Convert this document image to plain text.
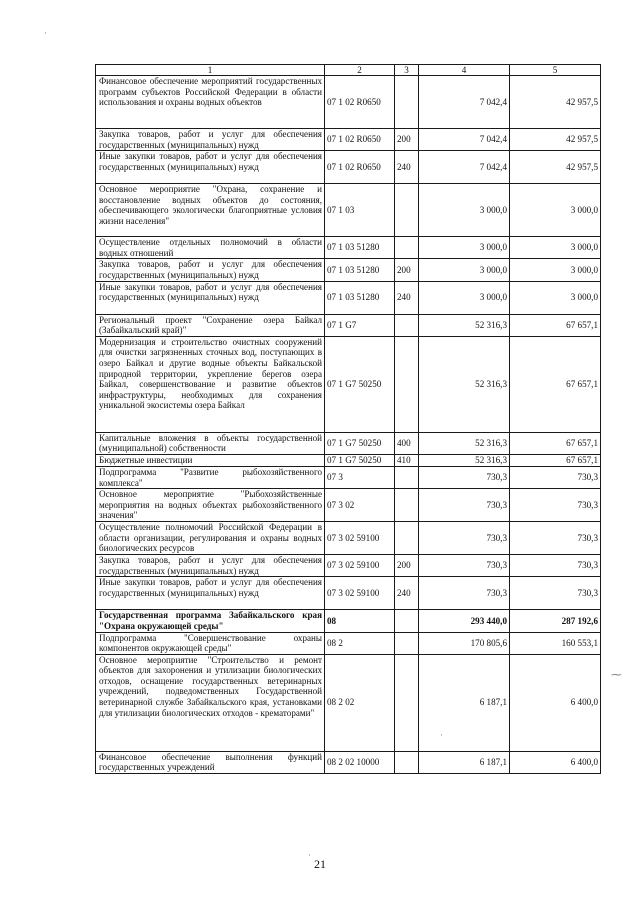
1	2	3	4	5
Финансовое обеспечение мероприятий государственных программ субъектов Российской Федерации в области использования и охраны водных объектов	07 1 02 R0650		7 042,4	42 957,5
Закупка товаров, работ и услуг для обеспечения государственных (муниципальных) нужд	07 1 02 R0650	200	7 042,4	42 957,5
Иные закупки товаров, работ и услуг для обеспечения государственных (муниципальных) нужд	07 1 02 R0650	240	7 042,4	42 957,5
Основное мероприятие "Охрана, сохранение и восстановление водных объектов до состояния, обеспечивающего экологически благоприятные условия жизни населения"	07 1 03		3 000,0	3 000,0
Осуществление отдельных полномочий в области водных отношений	07 1 03 51280		3 000,0	3 000,0
Закупка товаров, работ и услуг для обеспечения государственных (муниципальных) нужд	07 1 03 51280	200	3 000,0	3 000,0
Иные закупки товаров, работ и услуг для обеспечения государственных (муниципальных) нужд	07 1 03 51280	240	3 000,0	3 000,0
Региональный проект "Сохранение озера Байкал (Забайкальский край)"	07 1 G7		52 316,3	67 657,1
Модернизация и строительство очистных сооружений для очистки загрязненных сточных вод, поступающих в озеро Байкал и другие водные объекты Байкальской природной территории, укрепление берегов озера Байкал, совершенствование и развитие объектов инфраструктуры, необходимых для сохранения уникальной экосистемы озера Байкал	07 1 G7 50250		52 316,3	67 657,1
Капитальные вложения в объекты государственной (муниципальной) собственности	07 1 G7 50250	400	52 316,3	67 657,1
Бюджетные инвестиции	07 1 G7 50250	410	52 316,3	67 657,1
Подпрограмма "Развитие рыбохозяйственного комплекса"	07 3		730,3	730,3
Основное мероприятие "Рыбохозяйственные мероприятия на водных объектах рыбохозяйственного значения"	07 3 02		730,3	730,3
Осуществление полномочий Российской Федерации в области организации, регулирования и охраны водных биологических ресурсов	07 3 02 59100		730,3	730,3
Закупка товаров, работ и услуг для обеспечения государственных (муниципальных) нужд	07 3 02 59100	200	730,3	730,3
Иные закупки товаров, работ и услуг для обеспечения государственных (муниципальных) нужд	07 3 02 59100	240	730,3	730,3
Государственная программа Забайкальского края "Охрана окружающей среды"	08		293 440,0	287 192,6
Подпрограмма "Совершенствование охраны компонентов окружающей среды"	08 2		170 805,6	160 553,1
Основное мероприятие "Строительство и ремонт объектов для захоронения и утилизации биологических отходов, оснащение государственных ветеринарных учреждений, подведомственных Государственной ветеринарной службе Забайкальского края, установками для утилизации биологических отходов - крематорами"	08 2 02		6 187,1	6 400,0
Финансовое обеспечение выполнения функций государственных учреждений	08 2 02 10000		6 187,1	6 400,0
21
·
⁓
·
·
